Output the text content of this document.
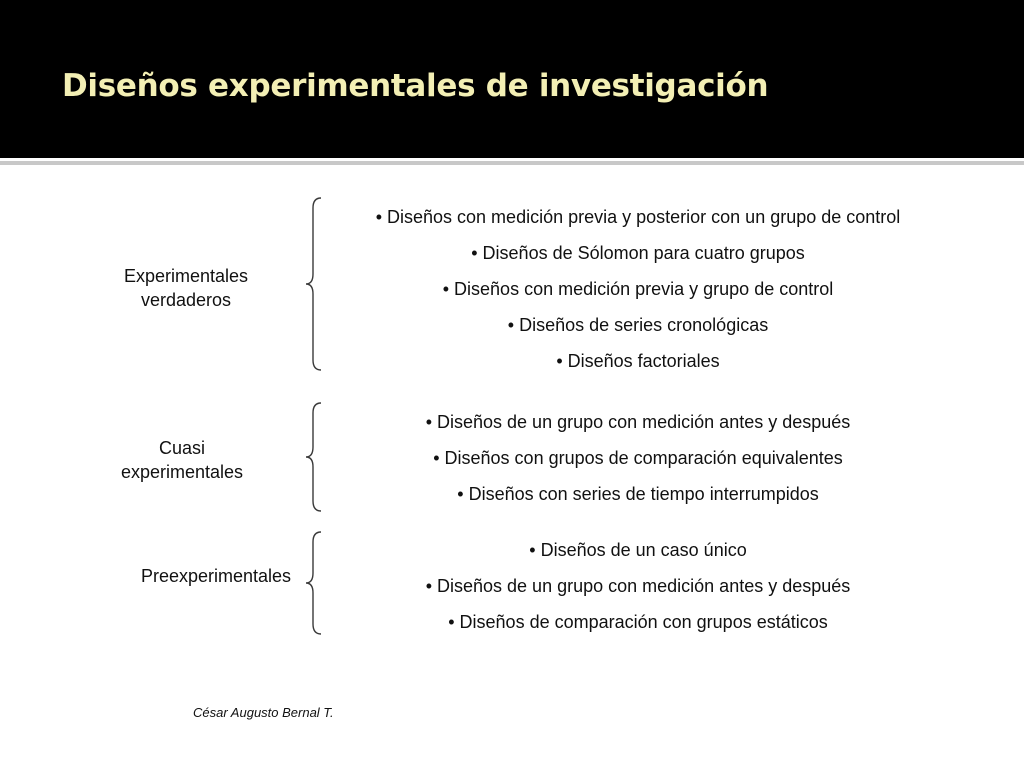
Diseños experimentales de investigación
Experimentales
verdaderos
• Diseños con medición previa y posterior con un grupo de control
• Diseños de Sólomon para cuatro grupos
• Diseños con medición previa y grupo de control
• Diseños de series cronológicas
• Diseños factoriales
Cuasi
experimentales
• Diseños de un grupo con medición antes y después
• Diseños con grupos de comparación equivalentes
• Diseños con series de tiempo interrumpidos
Preexperimentales
• Diseños de un caso único
• Diseños de un grupo con medición antes y después
• Diseños de comparación con grupos estáticos
César Augusto Bernal T.
